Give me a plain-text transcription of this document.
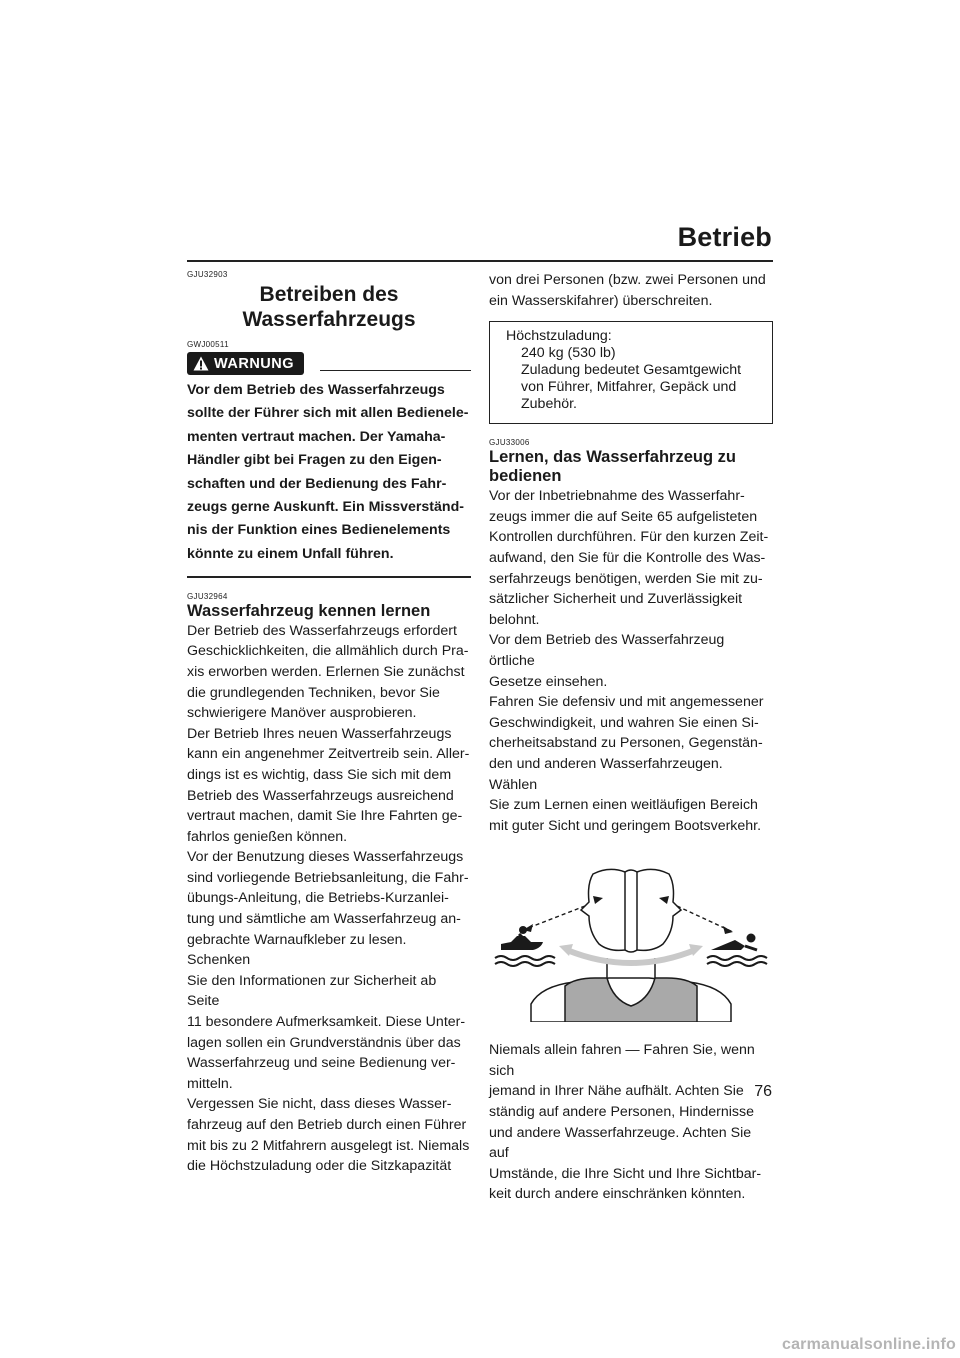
Betrieb

GJU32903

Betreiben des
Wasserfahrzeugs

GWJ00511

WARNUNG

Vor dem Betrieb des Wasserfahrzeugs sollte der Führer sich mit allen Bedienelementen vertraut machen. Der Yamaha-Händler gibt bei Fragen zu den Eigenschaften und der Bedienung des Fahrzeugs gerne Auskunft. Ein Missverständnis der Funktion eines Bedienelements könnte zu einem Unfall führen.

GJU32964

Wasserfahrzeug kennen lernen

Der Betrieb des Wasserfahrzeugs erfordert
Geschicklichkeiten, die allmählich durch Pra-
xis erworben werden. Erlernen Sie zunächst
die grundlegenden Techniken, bevor Sie
schwierigere Manöver ausprobieren.
Der Betrieb Ihres neuen Wasserfahrzeugs
kann ein angenehmer Zeitvertreib sein. Aller-
dings ist es wichtig, dass Sie sich mit dem
Betrieb des Wasserfahrzeugs ausreichend
vertraut machen, damit Sie Ihre Fahrten ge-
fahrlos genießen können.
Vor der Benutzung dieses Wasserfahrzeugs
sind vorliegende Betriebsanleitung, die Fahr-
übungs-Anleitung, die Betriebs-Kurzanlei-
tung und sämtliche am Wasserfahrzeug an-
gebrachte Warnaufkleber zu lesen. Schenken
Sie den Informationen zur Sicherheit ab Seite
11 besondere Aufmerksamkeit. Diese Unter-
lagen sollen ein Grundverständnis über das
Wasserfahrzeug und seine Bedienung ver-
mitteln.
Vergessen Sie nicht, dass dieses Wasser-
fahrzeug auf den Betrieb durch einen Führer
mit bis zu 2 Mitfahrern ausgelegt ist. Niemals
die Höchstzuladung oder die Sitzkapazität

von drei Personen (bzw. zwei Personen und
ein Wasserskifahrer) überschreiten.

Höchstzuladung:
240 kg (530 lb)
Zuladung bedeutet Gesamtgewicht
von Führer, Mitfahrer, Gepäck und
Zubehör.

GJU33006

Lernen, das Wasserfahrzeug zu
bedienen

Vor der Inbetriebnahme des Wasserfahr-
zeugs immer die auf Seite 65 aufgelisteten
Kontrollen durchführen. Für den kurzen Zeit-
aufwand, den Sie für die Kontrolle des Was-
serfahrzeugs benötigen, werden Sie mit zu-
sätzlicher Sicherheit und Zuverlässigkeit
belohnt.
Vor dem Betrieb des Wasserfahrzeug örtliche
Gesetze einsehen.
Fahren Sie defensiv und mit angemessener
Geschwindigkeit, und wahren Sie einen Si-
cherheitsabstand zu Personen, Gegenstän-
den und anderen Wasserfahrzeugen. Wählen
Sie zum Lernen einen weitläufigen Bereich
mit guter Sicht und geringem Bootsverkehr.

Niemals allein fahren — Fahren Sie, wenn sich
jemand in Ihrer Nähe aufhält. Achten Sie
ständig auf andere Personen, Hindernisse
und andere Wasserfahrzeuge. Achten Sie auf
Umstände, die Ihre Sicht und Ihre Sichtbar-
keit durch andere einschränken könnten.

76
carmanualsonline.info
